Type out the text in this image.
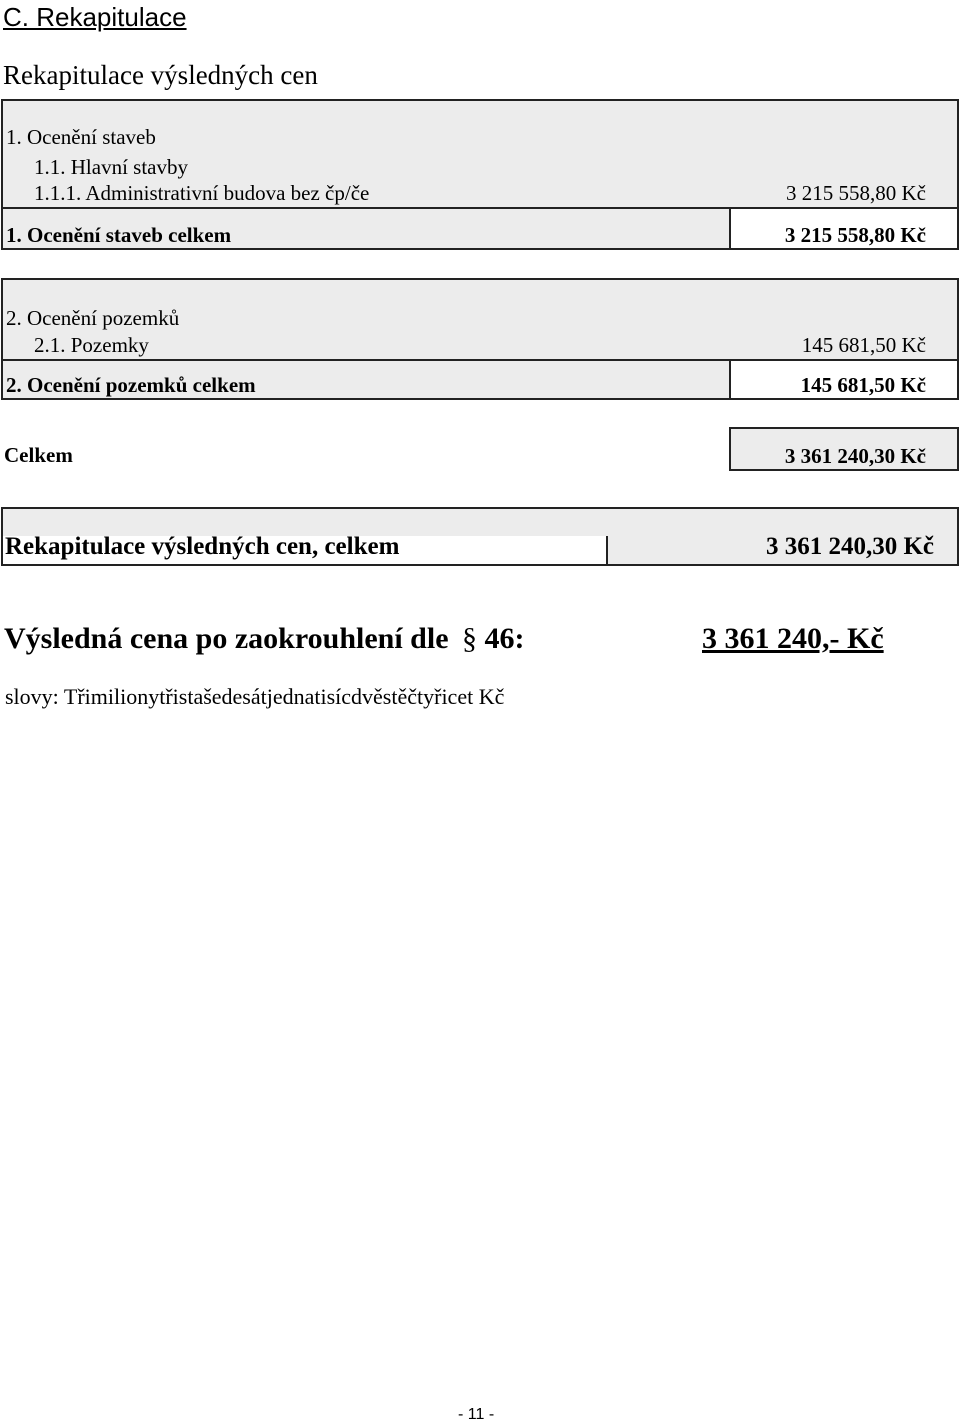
C. Rekapitulace
Rekapitulace výsledných cen
1. Ocenění staveb
1.1. Hlavní stavby
1.1.1. Administrativní budova bez čp/če	3 215 558,80 Kč
1. Ocenění staveb celkem	3 215 558,80 Kč
2. Ocenění pozemků
2.1. Pozemky	145 681,50 Kč
2. Ocenění pozemků celkem	145 681,50 Kč
Celkem	3 361 240,30 Kč
Rekapitulace výsledných cen, celkem	3 361 240,30 Kč
Výsledná cena po zaokrouhlení dle § 46:	3 361 240,- Kč
slovy: Třimilionytřistašedesátjednatisícdvěstěčtyřicet Kč
- 11 -
